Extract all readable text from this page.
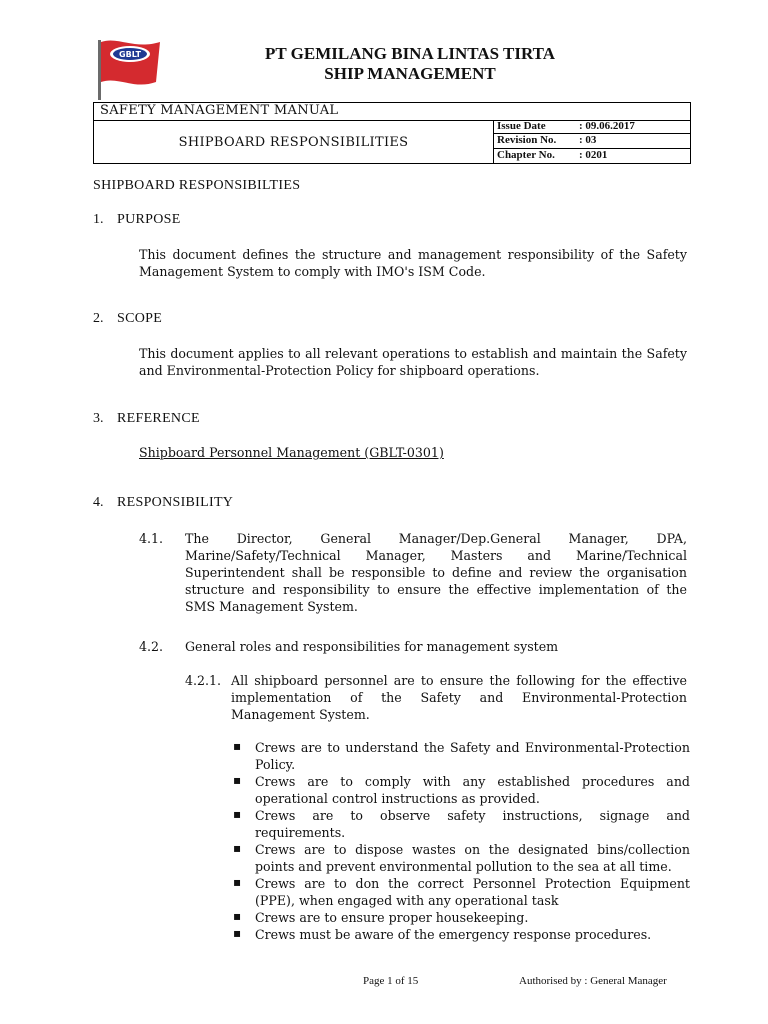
GBLT	PT GEMILANG BINA LINTAS TIRTA
SHIP MANAGEMENT
SAFETY MANAGEMENT MANUAL
SHIPBOARD RESPONSIBILITIES
Issue Date	: 09.06.2017
Revision No. : 03
Chapter No. : 0201
SHIPBOARD RESPONSIBILTIES
1. PURPOSE

This document defines the structure and management responsibility of the Safety Management System to comply with IMO's ISM Code.

2. SCOPE

This document applies to all relevant operations to establish and maintain the Safety and Environmental-Protection Policy for shipboard operations.

3. REFERENCE
Shipboard Personnel Management (GBLT-0301)
4. RESPONSIBILITY
4.1. The Director, General Manager/Dep.General Manager, DPA, Marine/Safety/Technical Manager, Masters and Marine/Technical Superintendent shall be responsible to define and review the organisation structure and responsibility to ensure the effective implementation of the SMS Management System.

4.2. General roles and responsibilities for management system
4.2.1. All shipboard personnel are to ensure the following for the effective implementation of the Safety and Environmental-Protection Management System.

▪ Crews are to understand the Safety and Environmental-Protection Policy.
▪ Crews are to comply with any established procedures and operational control instructions as provided.
▪ Crews are to observe safety instructions, signage and requirements.
▪ Crews are to dispose wastes on the designated bins/collection points and prevent environmental pollution to the sea at all time.
▪ Crews are to don the correct Personnel Protection Equipment (PPE), when engaged with any operational task
▪ Crews are to ensure proper housekeeping.
▪ Crews must be aware of the emergency response procedures.
Page 1 of 15	Authorised by : General Manager
